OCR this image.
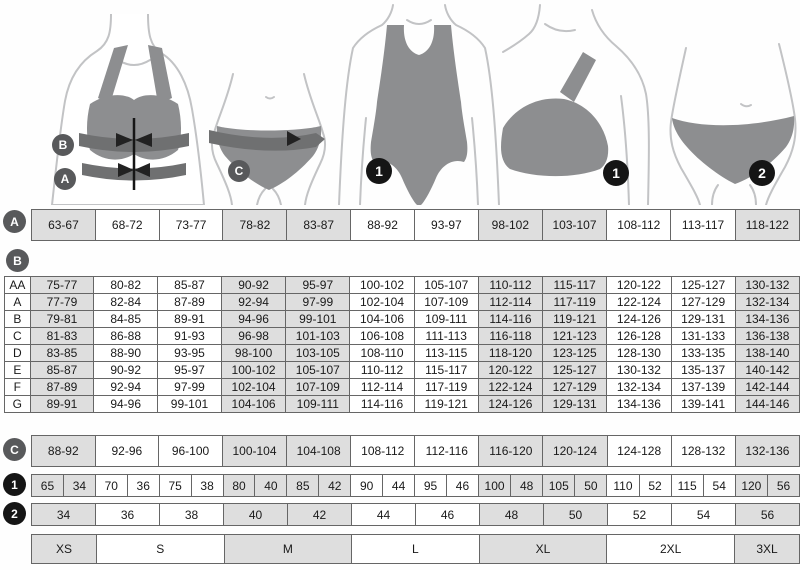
B
A
C	1	1	2
A
B
C
1
2
63-67	68-72	73-77	78-82	83-87	88-92	93-97	98-102	103-107	108-112	113-117	118-122
AA	75-77	80-82	85-87	90-92	95-97	100-102	105-107	110-112	115-117	120-122	125-127	130-132
A	77-79	82-84	87-89	92-94	97-99	102-104	107-109	112-114	117-119	122-124	127-129	132-134
B	79-81	84-85	89-91	94-96	99-101	104-106	109-111	114-116	119-121	124-126	129-131	134-136
C	81-83	86-88	91-93	96-98	101-103	106-108	111-113	116-118	121-123	126-128	131-133	136-138
D	83-85	88-90	93-95	98-100	103-105	108-110	113-115	118-120	123-125	128-130	133-135	138-140
E	85-87	90-92	95-97	100-102	105-107	110-112	115-117	120-122	125-127	130-132	135-137	140-142
F	87-89	92-94	97-99	102-104	107-109	112-114	117-119	122-124	127-129	132-134	137-139	142-144
G	89-91	94-96	99-101	104-106	109-111	114-116	119-121	124-126	129-131	134-136	139-141	144-146
88-92	92-96	96-100	100-104	104-108	108-112	112-116	116-120	120-124	124-128	128-132	132-136
65	34	70	36	75	38	80	40	85	42	90	44	95	46	100	48	105	50	110	52	115	54	120	56
34	36	38	40	42	44	46	48	50	52	54	56
XS	S	M	L	XL	2XL	3XL
